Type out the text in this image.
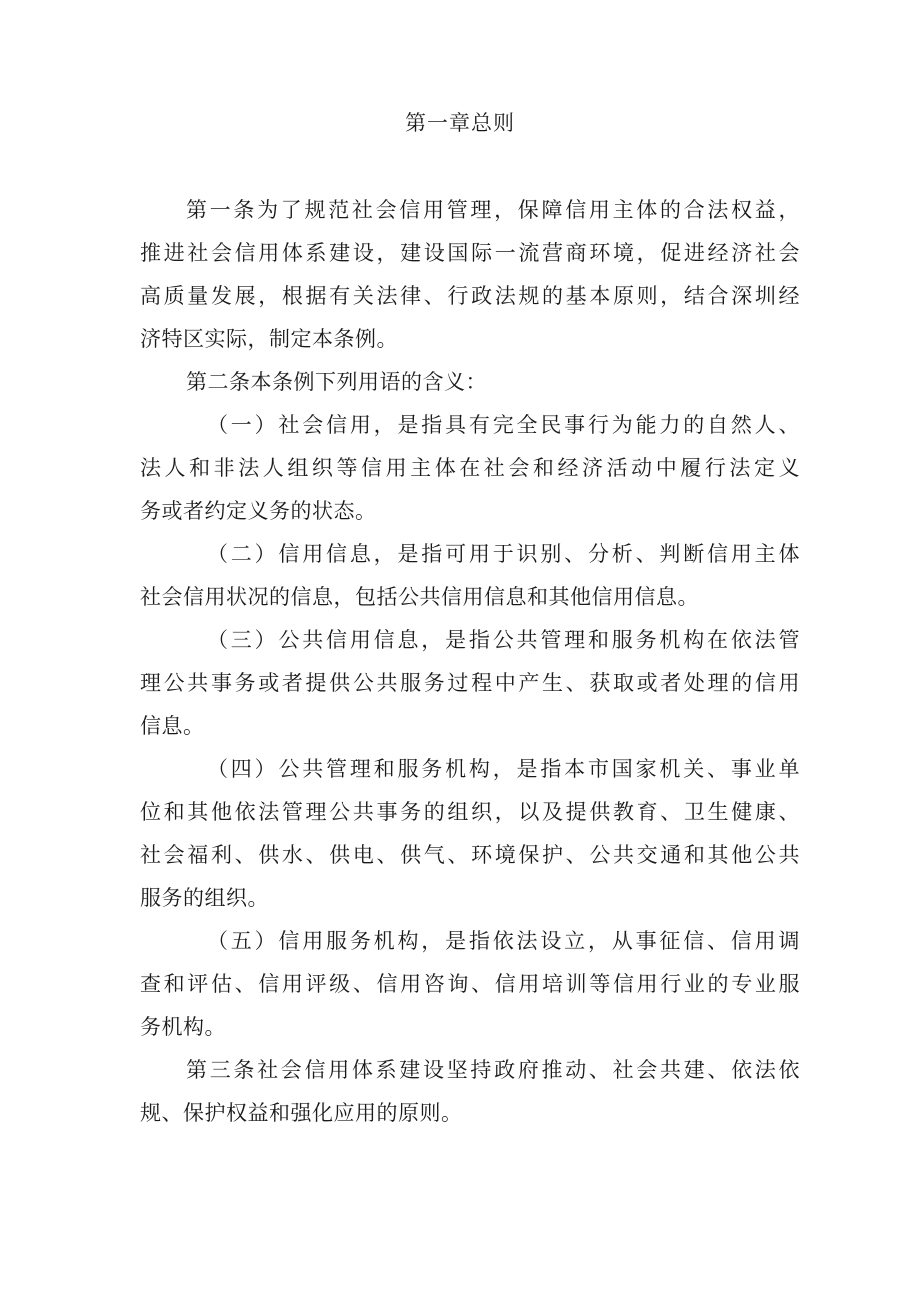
第一章总则
第一条为了规范社会信用管理，保障信用主体的合法权益，
推进社会信用体系建设，建设国际一流营商环境，促进经济社会
高质量发展，根据有关法律、行政法规的基本原则，结合深圳经
济特区实际，制定本条例。
第二条本条例下列用语的含义：
（一）社会信用，是指具有完全民事行为能力的自然人、
法人和非法人组织等信用主体在社会和经济活动中履行法定义
务或者约定义务的状态。
（二）信用信息，是指可用于识别、分析、判断信用主体
社会信用状况的信息，包括公共信用信息和其他信用信息。
（三）公共信用信息，是指公共管理和服务机构在依法管
理公共事务或者提供公共服务过程中产生、获取或者处理的信用
信息。
（四）公共管理和服务机构，是指本市国家机关、事业单
位和其他依法管理公共事务的组织，以及提供教育、卫生健康、
社会福利、供水、供电、供气、环境保护、公共交通和其他公共
服务的组织。
（五）信用服务机构，是指依法设立，从事征信、信用调
查和评估、信用评级、信用咨询、信用培训等信用行业的专业服
务机构。
第三条社会信用体系建设坚持政府推动、社会共建、依法依
规、保护权益和强化应用的原则。
